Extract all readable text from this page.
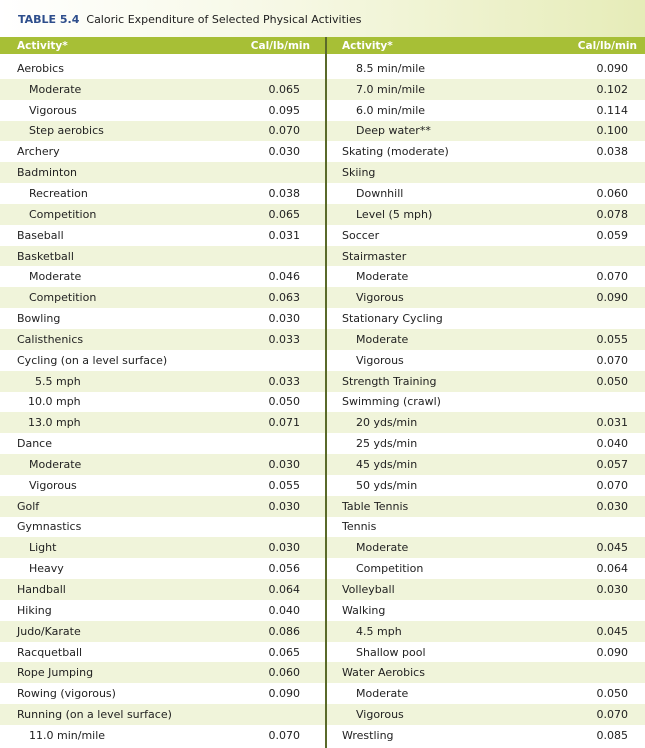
TABLE 5.4 Caloric Expenditure of Selected Physical Activities
Activity*	Cal/lb/min
Aerobics
Moderate	0.065
Vigorous	0.095
Step aerobics	0.070
Archery	0.030
Badminton
Recreation	0.038
Competition	0.065
Baseball	0.031
Basketball
Moderate	0.046
Competition	0.063
Bowling	0.030
Calisthenics	0.033
Cycling (on a level surface)
5.5 mph	0.033
10.0 mph	0.050
13.0 mph	0.071
Dance
Moderate	0.030
Vigorous	0.055
Golf	0.030
Gymnastics
Light	0.030
Heavy	0.056
Handball	0.064
Hiking	0.040
Judo/Karate	0.086
Racquetball	0.065
Rope Jumping	0.060
Rowing (vigorous)	0.090
Running (on a level surface)
11.0 min/mile	0.070
Activity*	Cal/lb/min
8.5 min/mile	0.090
7.0 min/mile	0.102
6.0 min/mile	0.114
Deep water**	0.100
Skating (moderate)	0.038
Skiing
Downhill	0.060
Level (5 mph)	0.078
Soccer	0.059
Stairmaster
Moderate	0.070
Vigorous	0.090
Stationary Cycling
Moderate	0.055
Vigorous	0.070
Strength Training	0.050
Swimming (crawl)
20 yds/min	0.031
25 yds/min	0.040
45 yds/min	0.057
50 yds/min	0.070
Table Tennis	0.030
Tennis
Moderate	0.045
Competition	0.064
Volleyball	0.030
Walking
4.5 mph	0.045
Shallow pool	0.090
Water Aerobics
Moderate	0.050
Vigorous	0.070
Wrestling	0.085
